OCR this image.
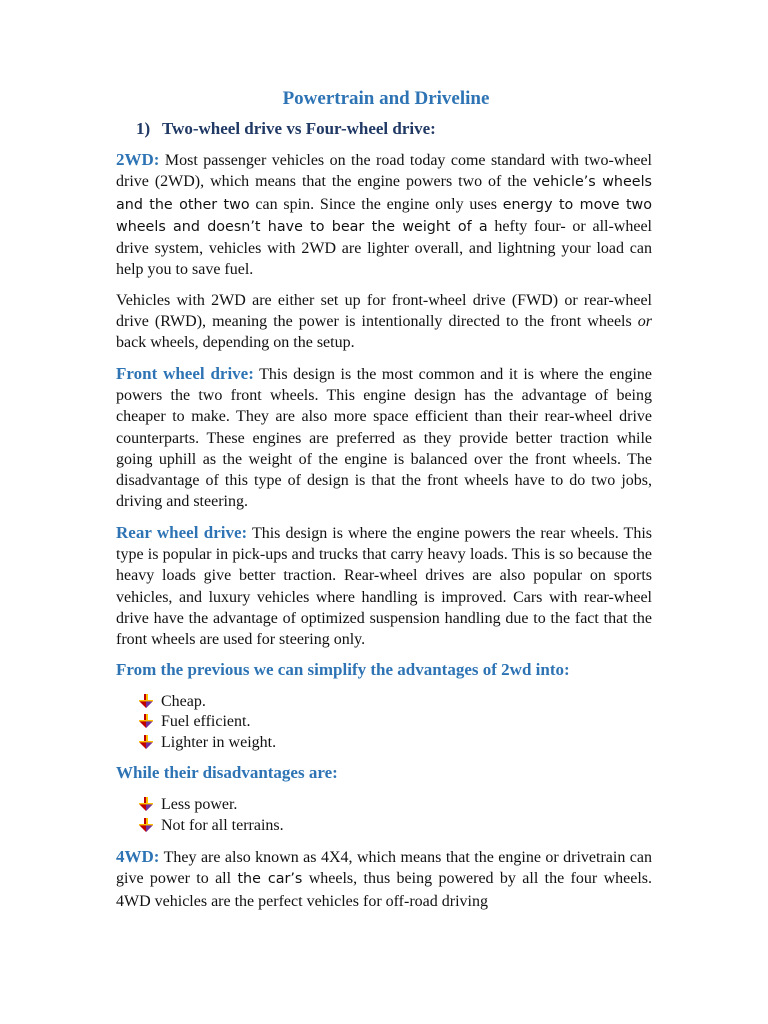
Powertrain and Driveline
1) Two-wheel drive vs Four-wheel drive:

2WD: Most passenger vehicles on the road today come standard with two-wheel drive (2WD), which means that the engine powers two of the vehicle’s wheels and the other two can spin. Since the engine only uses energy to move two wheels and doesn’t have to bear the weight of a hefty four- or all-wheel drive system, vehicles with 2WD are lighter overall, and lightning your load can help you to save fuel.

Vehicles with 2WD are either set up for front-wheel drive (FWD) or rear-wheel drive (RWD), meaning the power is intentionally directed to the front wheels or back wheels, depending on the setup.

Front wheel drive: This design is the most common and it is where the engine powers the two front wheels. This engine design has the advantage of being cheaper to make. They are also more space efficient than their rear-wheel drive counterparts. These engines are preferred as they provide better traction while going uphill as the weight of the engine is balanced over the front wheels. The disadvantage of this type of design is that the front wheels have to do two jobs, driving and steering.

Rear wheel drive: This design is where the engine powers the rear wheels. This type is popular in pick-ups and trucks that carry heavy loads. This is so because the heavy loads give better traction. Rear-wheel drives are also popular on sports vehicles, and luxury vehicles where handling is improved. Cars with rear-wheel drive have the advantage of optimized suspension handling due to the fact that the front wheels are used for steering only.

From the previous we can simplify the advantages of 2wd into:
Cheap.
Fuel efficient.
Lighter in weight.
While their disadvantages are:
Less power.
Not for all terrains.

4WD: They are also known as 4X4, which means that the engine or drivetrain can give power to all the car’s wheels, thus being powered by all the four wheels. 4WD vehicles are the perfect vehicles for off-road driving
